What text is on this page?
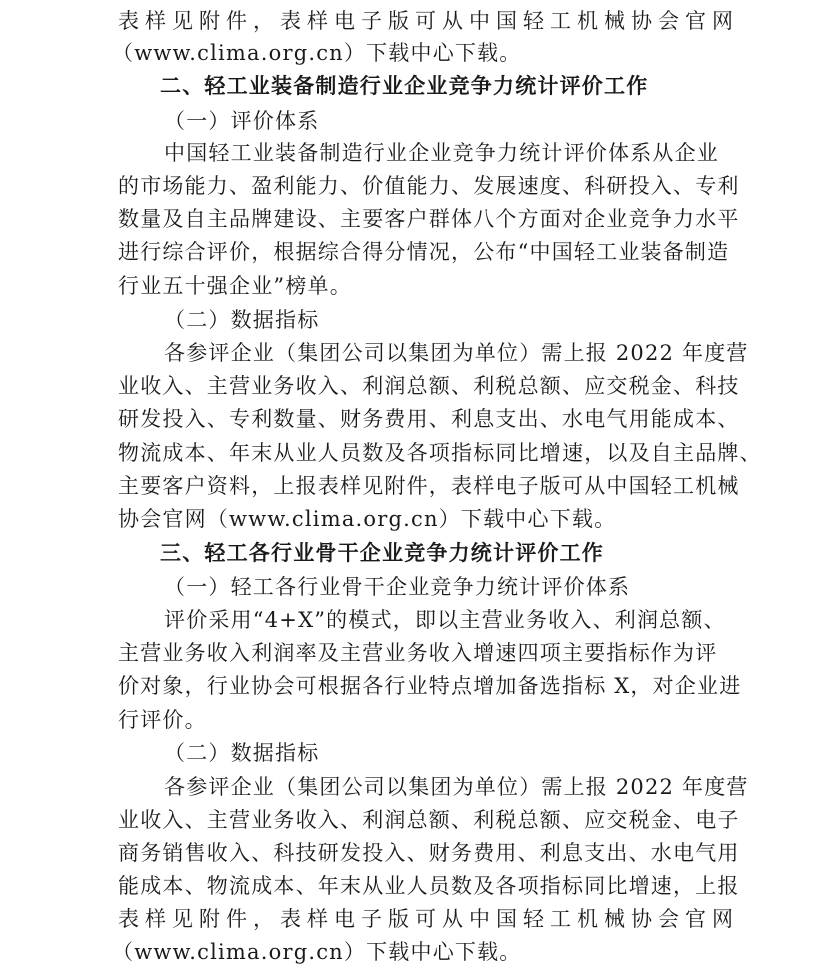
表样见附件，表样电子版可从中国轻工机械协会官网
（www.clima.org.cn）下载中心下载。
二、轻工业装备制造行业企业竞争力统计评价工作
（一）评价体系
中国轻工业装备制造行业企业竞争力统计评价体系从企业
的市场能力、盈利能力、价值能力、发展速度、科研投入、专利
数量及自主品牌建设、主要客户群体八个方面对企业竞争力水平
进行综合评价，根据综合得分情况，公布“中国轻工业装备制造
行业五十强企业”榜单。
（二）数据指标
各参评企业（集团公司以集团为单位）需上报 2022 年度营
业收入、主营业务收入、利润总额、利税总额、应交税金、科技
研发投入、专利数量、财务费用、利息支出、水电气用能成本、
物流成本、年末从业人员数及各项指标同比增速，以及自主品牌、
主要客户资料，上报表样见附件，表样电子版可从中国轻工机械
协会官网（www.clima.org.cn）下载中心下载。
三、轻工各行业骨干企业竞争力统计评价工作
（一）轻工各行业骨干企业竞争力统计评价体系
评价采用“4+X”的模式，即以主营业务收入、利润总额、
主营业务收入利润率及主营业务收入增速四项主要指标作为评
价对象，行业协会可根据各行业特点增加备选指标 X，对企业进
行评价。
（二）数据指标
各参评企业（集团公司以集团为单位）需上报 2022 年度营
业收入、主营业务收入、利润总额、利税总额、应交税金、电子
商务销售收入、科技研发投入、财务费用、利息支出、水电气用
能成本、物流成本、年末从业人员数及各项指标同比增速，上报
表样见附件，表样电子版可从中国轻工机械协会官网
（www.clima.org.cn）下载中心下载。
